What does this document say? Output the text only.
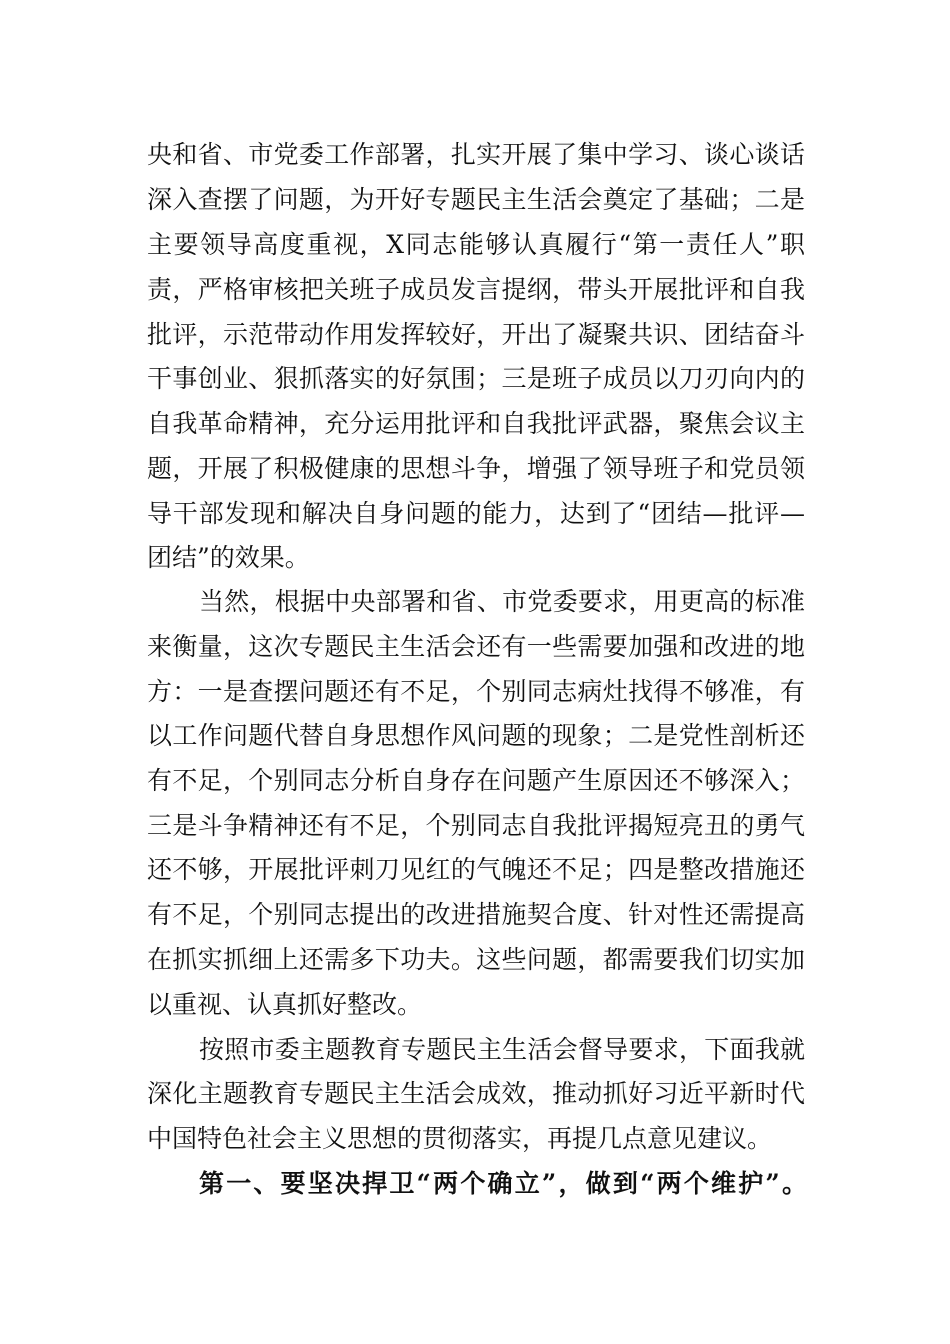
央和省、市党委工作部署，扎实开展了集中学习、谈心谈话
深入查摆了问题，为开好专题民主生活会奠定了基础；二是
主要领导高度重视，X同志能够认真履行“第一责任人”职
责，严格审核把关班子成员发言提纲，带头开展批评和自我
批评，示范带动作用发挥较好，开出了凝聚共识、团结奋斗
干事创业、狠抓落实的好氛围；三是班子成员以刀刃向内的
自我革命精神，充分运用批评和自我批评武器，聚焦会议主
题，开展了积极健康的思想斗争，增强了领导班子和党员领
导干部发现和解决自身问题的能力，达到了“团结—批评—
团结”的效果。
当然，根据中央部署和省、市党委要求，用更高的标准
来衡量，这次专题民主生活会还有一些需要加强和改进的地
方：一是查摆问题还有不足，个别同志病灶找得不够准，有
以工作问题代替自身思想作风问题的现象；二是党性剖析还
有不足，个别同志分析自身存在问题产生原因还不够深入；
三是斗争精神还有不足，个别同志自我批评揭短亮丑的勇气
还不够，开展批评刺刀见红的气魄还不足；四是整改措施还
有不足，个别同志提出的改进措施契合度、针对性还需提高
在抓实抓细上还需多下功夫。这些问题，都需要我们切实加
以重视、认真抓好整改。
按照市委主题教育专题民主生活会督导要求，下面我就
深化主题教育专题民主生活会成效，推动抓好习近平新时代
中国特色社会主义思想的贯彻落实，再提几点意见建议。
第一、要坚决捍卫“两个确立”，做到“两个维护”。
